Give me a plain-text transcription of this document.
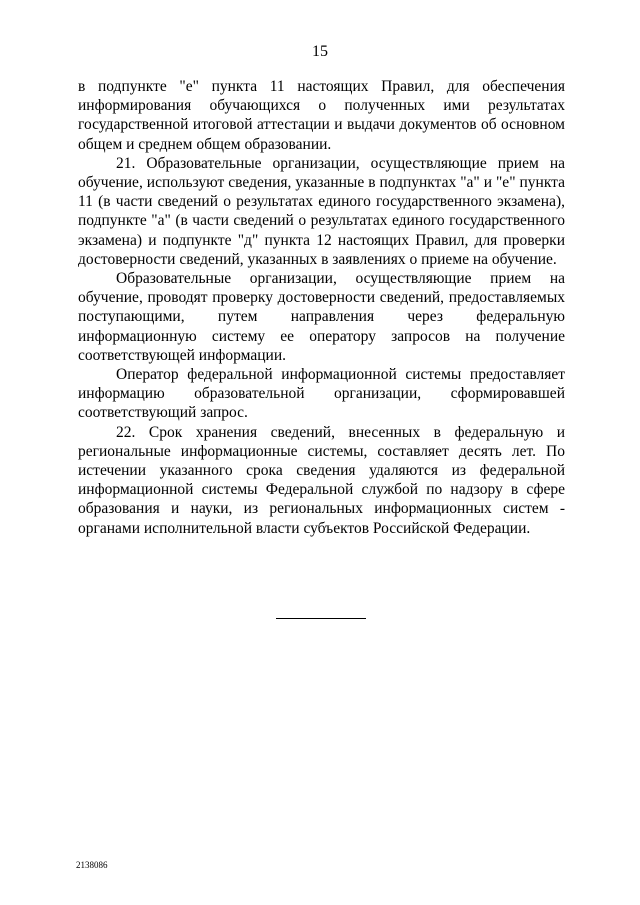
15

в подпункте "е" пункта 11 настоящих Правил, для обеспечения информирования обучающихся о полученных ими результатах государственной итоговой аттестации и выдачи документов об основном общем и среднем общем образовании.

21. Образовательные организации, осуществляющие прием на обучение, используют сведения, указанные в подпунктах "а" и "е" пункта 11 (в части сведений о результатах единого государственного экзамена), подпункте "а" (в части сведений о результатах единого государственного экзамена) и подпункте "д" пункта 12 настоящих Правил, для проверки достоверности сведений, указанных в заявлениях о приеме на обучение.

Образовательные организации, осуществляющие прием на обучение, проводят проверку достоверности сведений, предоставляемых поступающими, путем направления через федеральную информационную систему ее оператору запросов на получение соответствующей информации.

Оператор федеральной информационной системы предоставляет информацию образовательной организации, сформировавшей соответствующий запрос.

22. Срок хранения сведений, внесенных в федеральную и региональные информационные системы, составляет десять лет. По истечении указанного срока сведения удаляются из федеральной информационной системы Федеральной службой по надзору в сфере образования и науки, из региональных информационных систем - органами исполнительной власти субъектов Российской Федерации.

2138086
